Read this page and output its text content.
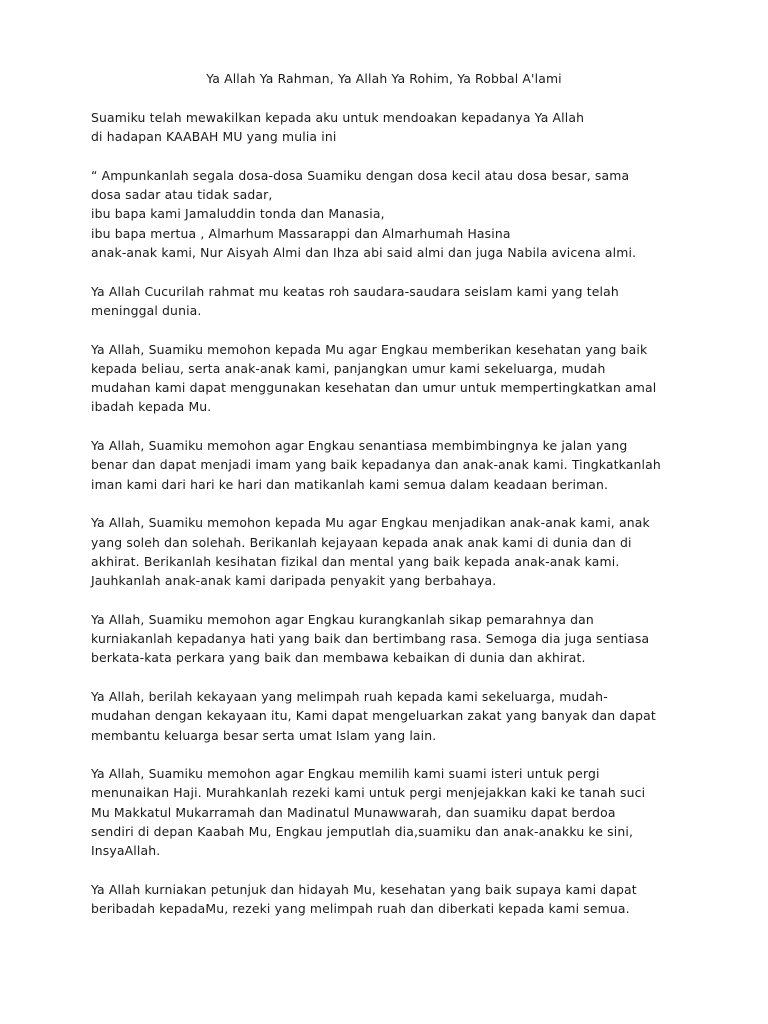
Ya Allah Ya Rahman, Ya Allah Ya Rohim, Ya Robbal A'lami

Suamiku telah mewakilkan kepada aku untuk mendoakan kepadanya Ya Allah
di hadapan KAABAH MU yang mulia ini

“ Ampunkanlah segala dosa-dosa Suamiku dengan dosa kecil atau dosa besar, sama
dosa sadar atau tidak sadar,
ibu bapa kami Jamaluddin tonda dan Manasia,
ibu bapa mertua , Almarhum Massarappi dan Almarhumah Hasina
anak-anak kami, Nur Aisyah Almi dan Ihza abi said almi dan juga Nabila avicena almi.

Ya Allah Cucurilah rahmat mu keatas roh saudara-saudara seislam kami yang telah
meninggal dunia.

Ya Allah, Suamiku memohon kepada Mu agar Engkau memberikan kesehatan yang baik
kepada beliau, serta anak-anak kami, panjangkan umur kami sekeluarga, mudah
mudahan kami dapat menggunakan kesehatan dan umur untuk mempertingkatkan amal
ibadah kepada Mu.

Ya Allah, Suamiku memohon agar Engkau senantiasa membimbingnya ke jalan yang
benar dan dapat menjadi imam yang baik kepadanya dan anak-anak kami. Tingkatkanlah
iman kami dari hari ke hari dan matikanlah kami semua dalam keadaan beriman.

Ya Allah, Suamiku memohon kepada Mu agar Engkau menjadikan anak-anak kami, anak
yang soleh dan solehah. Berikanlah kejayaan kepada anak anak kami di dunia dan di
akhirat. Berikanlah kesihatan fizikal dan mental yang baik kepada anak-anak kami.
Jauhkanlah anak-anak kami daripada penyakit yang berbahaya.

Ya Allah, Suamiku memohon agar Engkau kurangkanlah sikap pemarahnya dan
kurniakanlah kepadanya hati yang baik dan bertimbang rasa. Semoga dia juga sentiasa
berkata-kata perkara yang baik dan membawa kebaikan di dunia dan akhirat.

Ya Allah, berilah kekayaan yang melimpah ruah kepada kami sekeluarga, mudah-
mudahan dengan kekayaan itu, Kami dapat mengeluarkan zakat yang banyak dan dapat
membantu keluarga besar serta umat Islam yang lain.

Ya Allah, Suamiku memohon agar Engkau memilih kami suami isteri untuk pergi
menunaikan Haji. Murahkanlah rezeki kami untuk pergi menjejakkan kaki ke tanah suci
Mu Makkatul Mukarramah dan Madinatul Munawwarah, dan suamiku dapat berdoa
sendiri di depan Kaabah Mu, Engkau jemputlah dia,suamiku dan anak-anakku ke sini,
InsyaAllah.

Ya Allah kurniakan petunjuk dan hidayah Mu, kesehatan yang baik supaya kami dapat
beribadah kepadaMu, rezeki yang melimpah ruah dan diberkati kepada kami semua.
